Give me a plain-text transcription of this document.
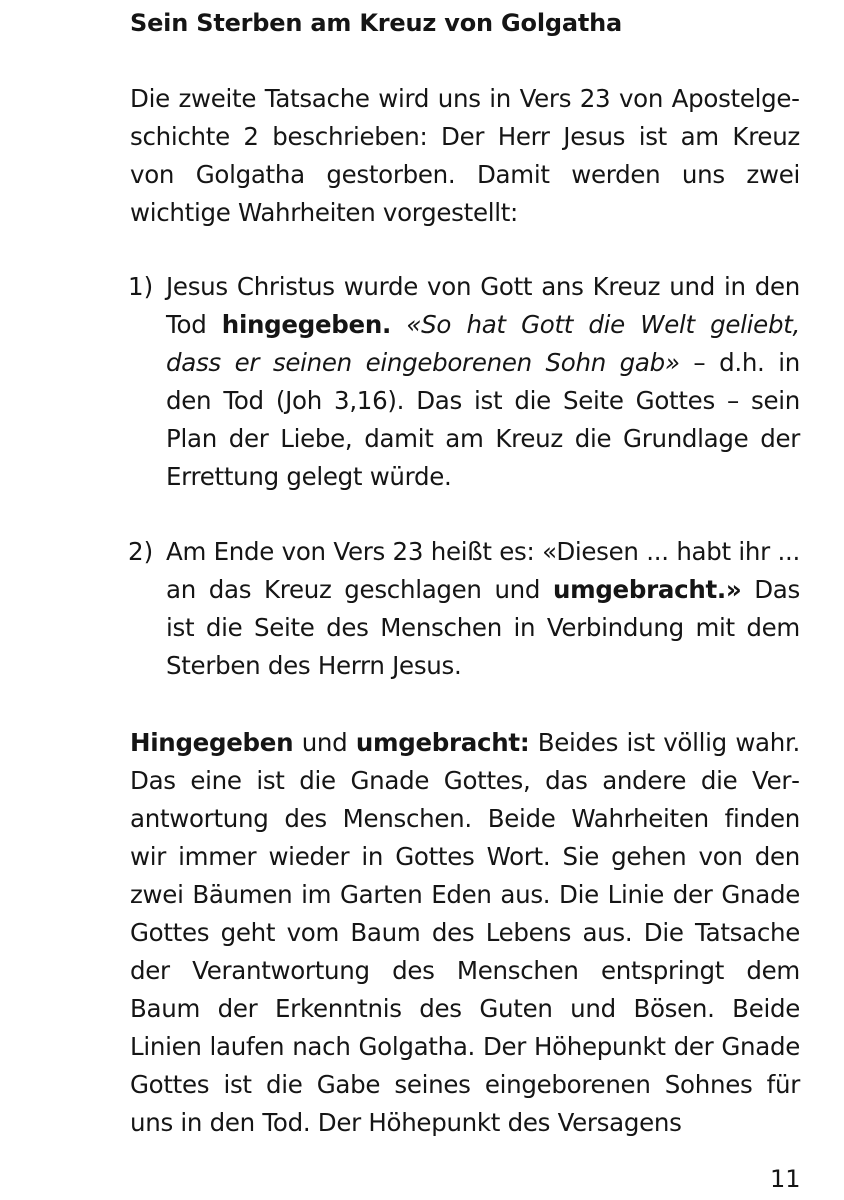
Sein Sterben am Kreuz von Golgatha

Die zweite Tatsache wird uns in Vers 23 von Apostelgeschichte 2 beschrieben: Der Herr Jesus ist am Kreuz von Golgatha gestorben. Damit werden uns zwei wichtige Wahrheiten vorgestellt:

1) Jesus Christus wurde von Gott ans Kreuz und in den Tod hingegeben. «So hat Gott die Welt geliebt, dass er seinen eingeborenen Sohn gab» – d.h. in den Tod (Joh 3,16). Das ist die Seite Gottes – sein Plan der Liebe, damit am Kreuz die Grundlage der Errettung gelegt würde.

2) Am Ende von Vers 23 heißt es: «Diesen ... habt ihr ... an das Kreuz geschlagen und umgebracht.» Das ist die Seite des Menschen in Verbindung mit dem Sterben des Herrn Jesus.

Hingegeben und umgebracht: Beides ist völlig wahr. Das eine ist die Gnade Gottes, das andere die Verantwortung des Menschen. Beide Wahrheiten finden wir immer wieder in Gottes Wort. Sie gehen von den zwei Bäumen im Garten Eden aus. Die Linie der Gnade Gottes geht vom Baum des Lebens aus. Die Tatsache der Verantwortung des Menschen entspringt dem Baum der Erkenntnis des Guten und Bösen. Beide Linien laufen nach Golgatha. Der Höhepunkt der Gnade Gottes ist die Gabe seines eingeborenen Sohnes für uns in den Tod. Der Höhepunkt des Versagens

11
